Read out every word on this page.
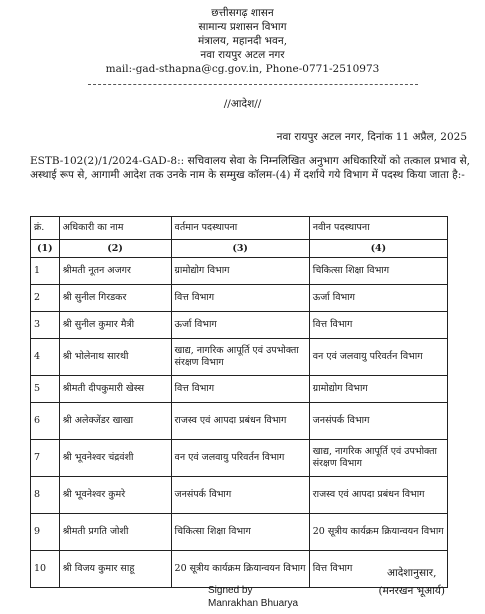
छत्तीसगढ़ शासन
सामान्य प्रशासन विभाग
मंत्रालय, महानदी भवन,
नवा रायपुर अटल नगर
mail:-gad-sthapna@cg.gov.in, Phone-0771-2510973
//आदेश//
नवा रायपुर अटल नगर, दिनांक 11 अप्रैल, 2025
ESTB-102(2)/1/2024-GAD-8:: सचिवालय सेवा के निम्नलिखित अनुभाग अधिकारियों को तत्काल प्रभाव से, अस्थाई रूप से, आगामी आदेश तक उनके नाम के सम्मुख कॉलम-(4) में दर्शाये गये विभाग में पदस्थ किया जाता है:-
क्रं.	अधिकारी का नाम	वर्तमान पदस्थापना	नवीन पदस्थापना
(1)	(2)	(3)	(4)
1	श्रीमती नूतन अजगर	ग्रामोद्योग विभाग	चिकित्सा शिक्षा विभाग
2	श्री सुनील गिरडकर	वित्त विभाग	ऊर्जा विभाग
3	श्री सुनील कुमार मैत्री	ऊर्जा विभाग	वित्त विभाग
4	श्री भोलेनाथ सारथी	खाद्य, नागरिक आपूर्ति एवं उपभोक्ता संरक्षण विभाग	वन एवं जलवायु परिवर्तन विभाग
5	श्रीमती दीपकुमारी खेस्स	वित्त विभाग	ग्रामोद्योग विभाग
6	श्री अलेक्जेंडर खाखा	राजस्व एवं आपदा प्रबंधन विभाग	जनसंपर्क विभाग
7	श्री भूवनेश्वर चंद्रवंशी	वन एवं जलवायु परिवर्तन विभाग	खाद्य, नागरिक आपूर्ति एवं उपभोक्ता संरक्षण विभाग
8	श्री भूवनेश्वर कुमरे	जनसंपर्क विभाग	राजस्व एवं आपदा प्रबंधन विभाग
9	श्रीमती प्रगति जोशी	चिकित्सा शिक्षा विभाग	20 सूत्रीय कार्यक्रम क्रियान्वयन विभाग
10	श्री विजय कुमार साहू	20 सूत्रीय कार्यक्रम क्रियान्वयन विभाग	वित्त विभाग
Signed by
Manrakhan Bhuarya
आदेशानुसार,
(मनरखन भूआर्य)
